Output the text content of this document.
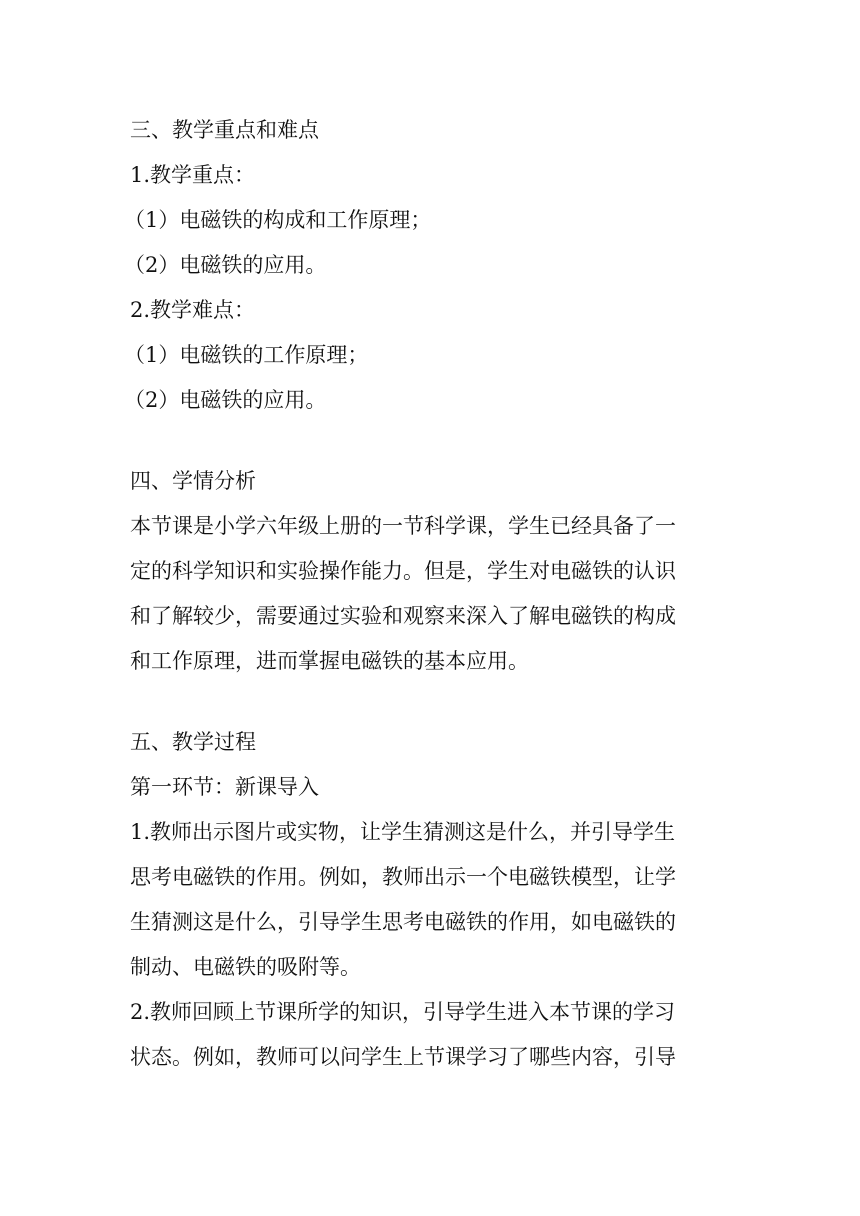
三、教学重点和难点
1.教学重点：
（1）电磁铁的构成和工作原理；
（2）电磁铁的应用。
2.教学难点：
（1）电磁铁的工作原理；
（2）电磁铁的应用。
四、学情分析
本节课是小学六年级上册的一节科学课，学生已经具备了一
定的科学知识和实验操作能力。但是，学生对电磁铁的认识
和了解较少，需要通过实验和观察来深入了解电磁铁的构成
和工作原理，进而掌握电磁铁的基本应用。
五、教学过程
第一环节：新课导入
1.教师出示图片或实物，让学生猜测这是什么，并引导学生
思考电磁铁的作用。例如，教师出示一个电磁铁模型，让学
生猜测这是什么，引导学生思考电磁铁的作用，如电磁铁的
制动、电磁铁的吸附等。
2.教师回顾上节课所学的知识，引导学生进入本节课的学习
状态。例如，教师可以问学生上节课学习了哪些内容，引导
